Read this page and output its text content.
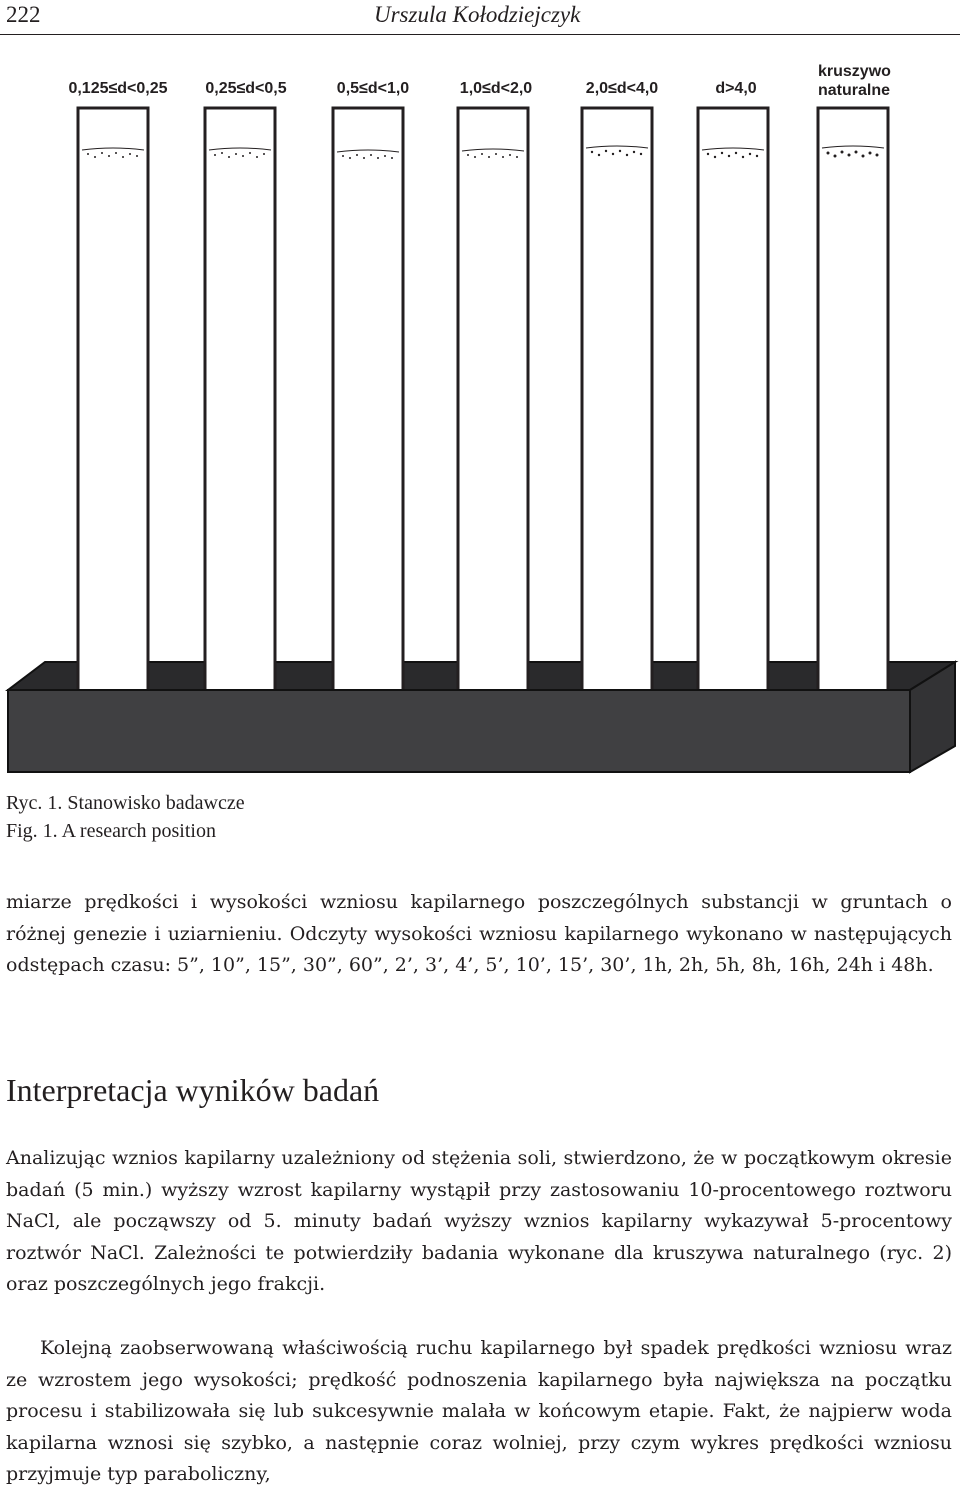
222	Urszula Kołodziejczyk
0,125≤d<0,25 0,25≤d<0,5	0,5≤d<1,0	1,0≤d<2,0	2,0≤d<4,0	d>4,0
kruszywo
naturalne
Ryc. 1. Stanowisko badawcze
Fig. 1. A research position

miarze prędkości i wysokości wzniosu kapilarnego poszczególnych substancji w gruntach o różnej genezie i uziarnieniu. Odczyty wysokości wzniosu kapilarnego wykonano w następujących odstępach czasu: 5”, 10”, 15”, 30”, 60”, 2’, 3’, 4’, 5’, 10’, 15’, 30’, 1h, 2h, 5h, 8h, 16h, 24h i 48h.

Interpretacja wyników badań

Analizując wznios kapilarny uzależniony od stężenia soli, stwierdzono, że w początkowym okresie badań (5 min.) wyższy wzrost kapilarny wystąpił przy zastosowaniu 10-procentowego roztworu NaCl, ale począwszy od 5. minuty badań wyższy wznios kapilarny wykazywał 5-procentowy roztwór NaCl. Zależności te potwierdziły badania wykonane dla kruszywa naturalnego (ryc. 2) oraz poszczególnych jego frakcji.

Kolejną zaobserwowaną właściwością ruchu kapilarnego był spadek prędkości wzniosu wraz ze wzrostem jego wysokości; prędkość podnoszenia kapilarnego była największa na początku procesu i stabilizowała się lub sukcesywnie malała w końcowym etapie. Fakt, że najpierw woda kapilarna wznosi się szybko, a następnie coraz wolniej, przy czym wykres prędkości wzniosu przyjmuje typ paraboliczny,
